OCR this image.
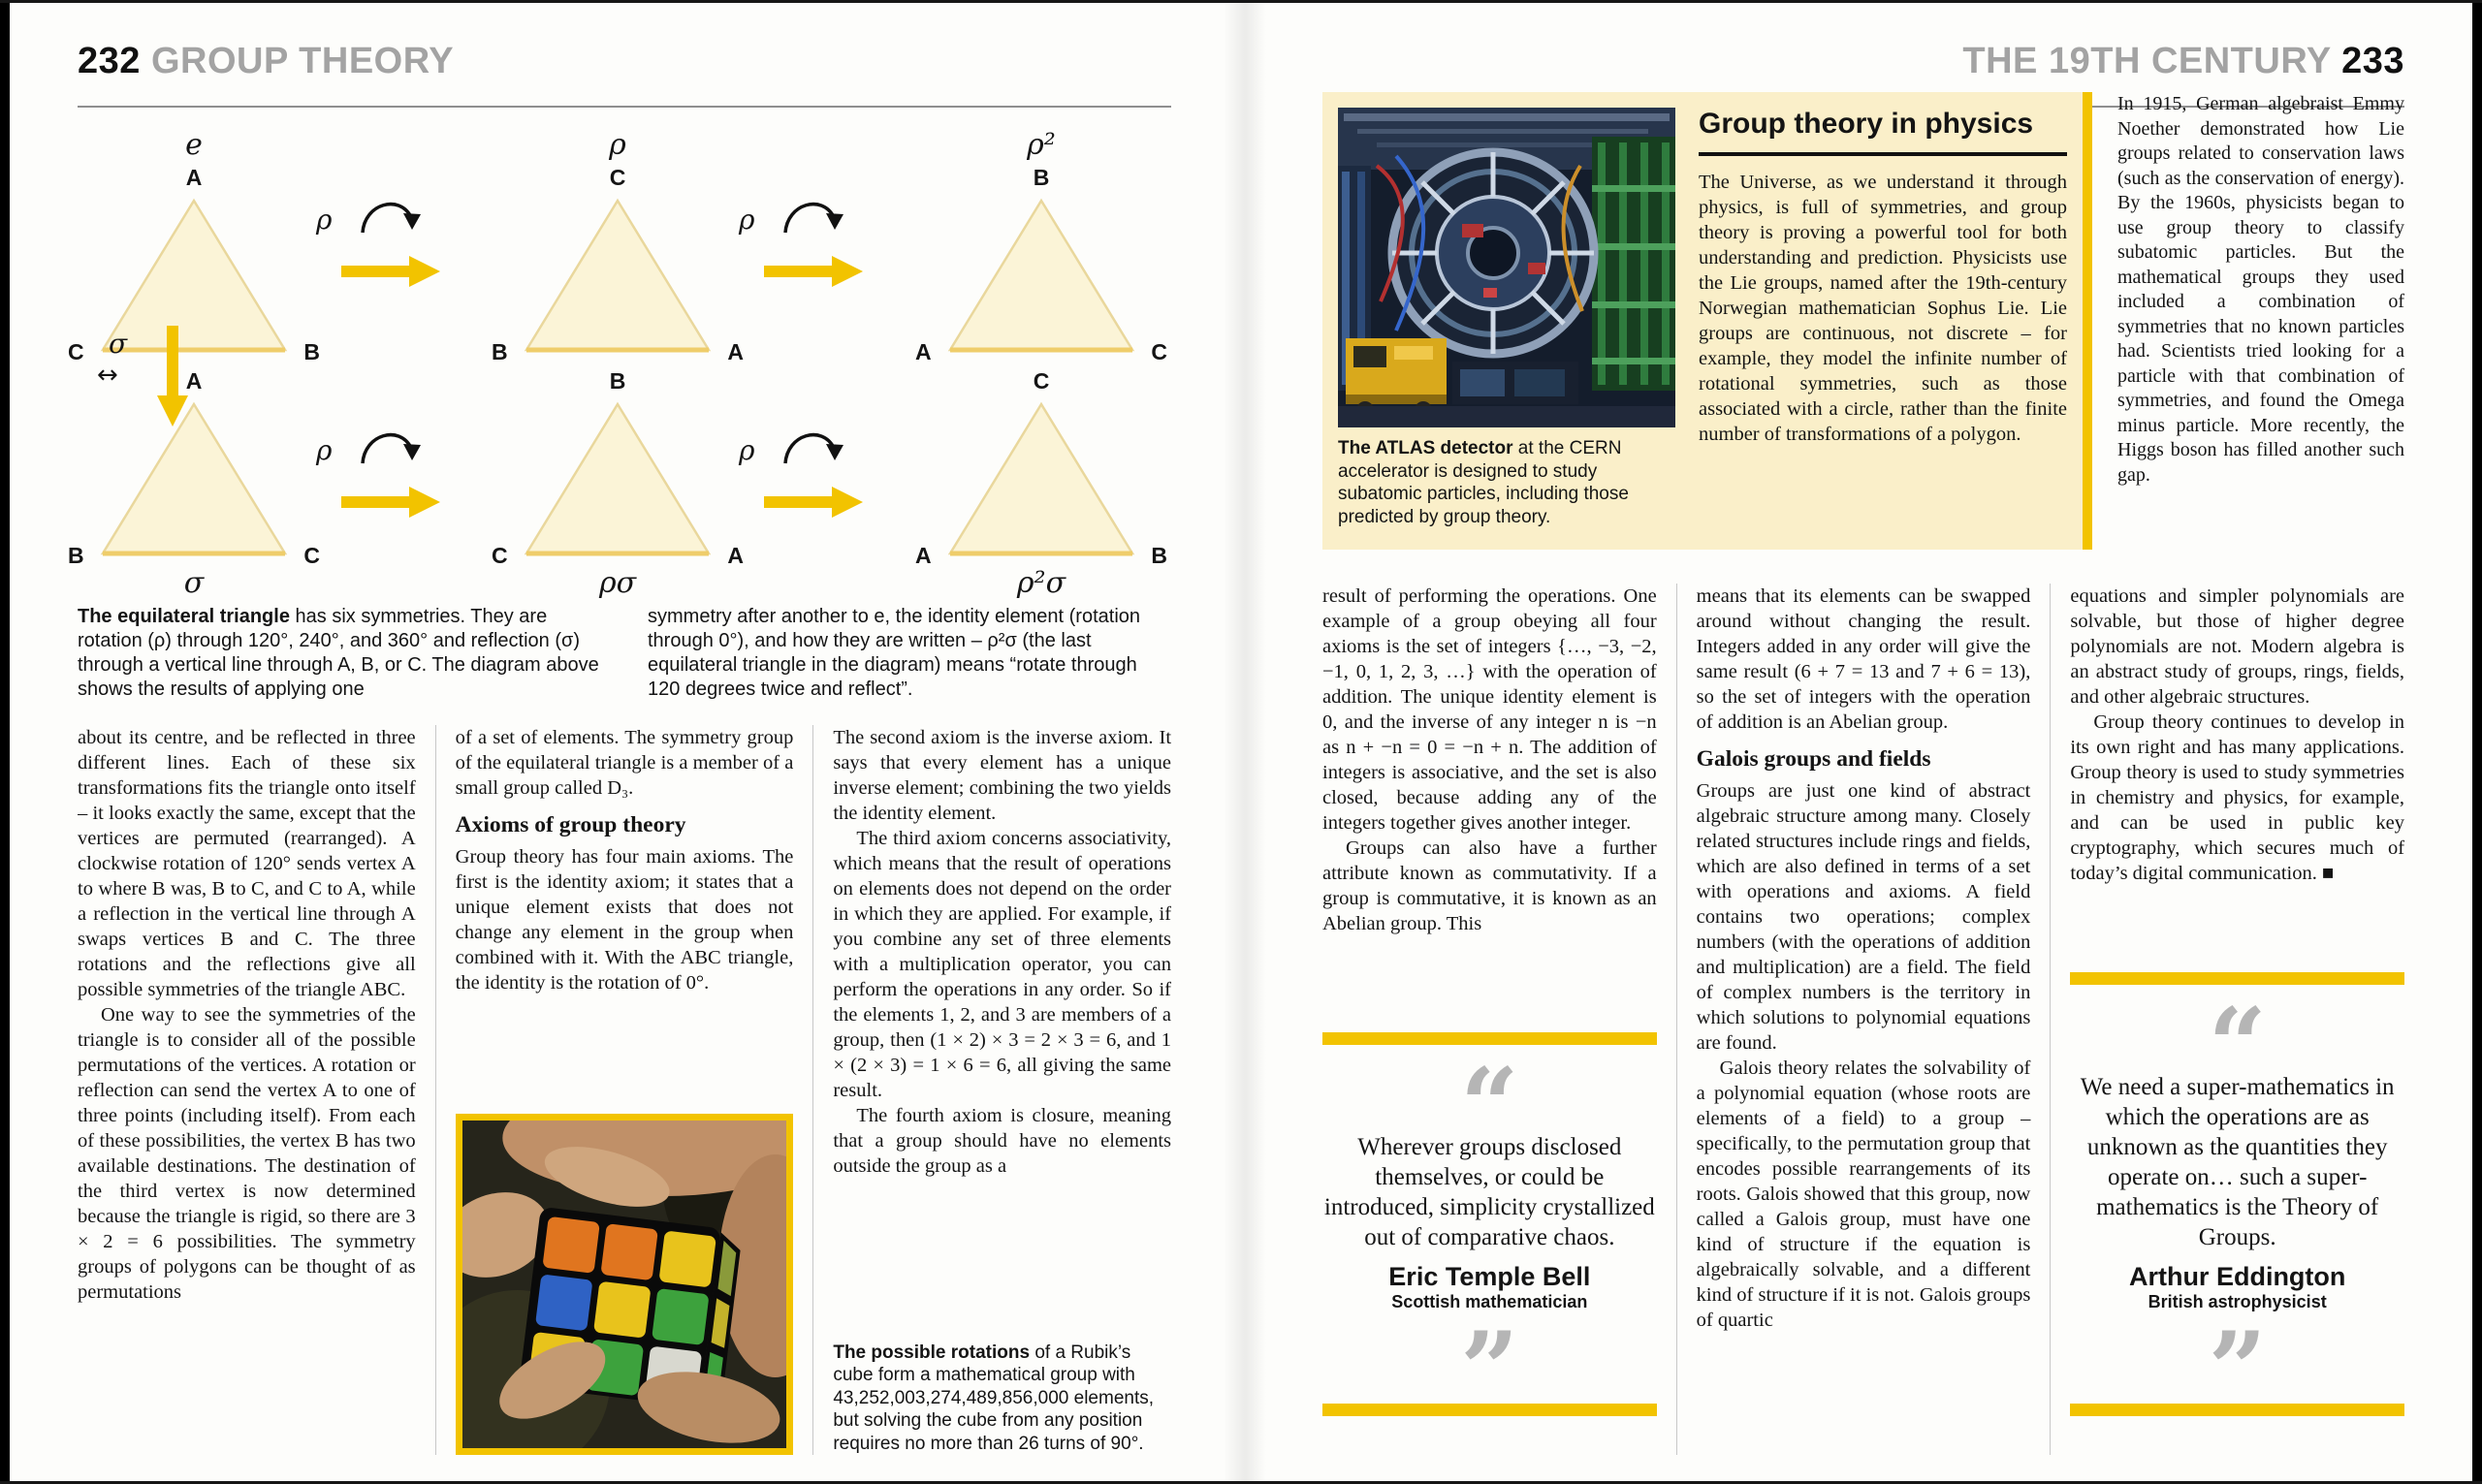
232 GROUP THEORY
e
A
C	B
ρ
C
B	A
ρ²
B
A	C
ρ	ρ
σ
↔	A
B	C
σ
B
C	A
ρσ
C
A	B
ρ²σ
ρ	ρ

The equilateral triangle has six symmetries. They are rotation (ρ) through 120°, 240°, and 360° and reflection (σ) through a vertical line through A, B, or C. The diagram above shows the results of applying one

symmetry after another to e, the identity element (rotation through 0°), and how they are written – ρ²σ (the last equilateral triangle in the diagram) means “rotate through 120 degrees twice and reflect”.

about its centre, and be reflected in three different lines. Each of these six transformations fits the triangle onto itself – it looks exactly the same, except that the vertices are permuted (rearranged). A clockwise rotation of 120° sends vertex A to where B was, B to C, and C to A, while a reflection in the vertical line through A swaps vertices B and C. The three rotations and the reflections give all possible symmetries of the triangle ABC.

One way to see the symmetries of the triangle is to consider all of the possible permutations of the vertices. A rotation or reflection can send the vertex A to one of three points (including itself). From each of these possibilities, the vertex B has two available destinations. The destination of the third vertex is now determined because the triangle is rigid, so there are 3 × 2 = 6 possibilities. The symmetry groups of polygons can be thought of as permutations

of a set of elements. The symmetry group of the equilateral triangle is a member of a small group called D₃.

Axioms of group theory

Group theory has four main axioms. The first is the identity axiom; it states that a unique element exists that does not change any element in the group when combined with it. With the ABC triangle, the identity is the rotation of 0°.

The second axiom is the inverse axiom. It says that every element has a unique inverse element; combining the two yields the identity element.

The third axiom concerns associativity, which means that the result of operations on elements does not depend on the order in which they are applied. For example, if you combine any set of three elements with a multiplication operator, you can perform the operations in any order. So if the elements 1, 2, and 3 are members of a group, then (1 × 2) × 3 = 2 × 3 = 6, and 1 × (2 × 3) = 1 × 6 = 6, all giving the same result.

The fourth axiom is closure, meaning that a group should have no elements outside the group as a

The possible rotations of a Rubik’s cube form a mathematical group with 43,252,003,274,489,856,000 elements, but solving the cube from any position requires no more than 26 turns of 90°.

THE 19TH CENTURY 233

The ATLAS detector at the CERN accelerator is designed to study subatomic particles, including those predicted by group theory.

Group theory in physics

The Universe, as we understand it through physics, is full of symmetries, and group theory is proving a powerful tool for both understanding and prediction. Physicists use the Lie groups, named after the 19th-century Norwegian mathematician Sophus Lie. Lie groups are continuous, not discrete – for example, they model the infinite number of rotational symmetries, such as those associated with a circle, rather than the finite number of transformations of a polygon.

In 1915, German algebraist Emmy Noether demonstrated how Lie groups related to conservation laws (such as the conservation of energy). By the 1960s, physicists began to use group theory to classify subatomic particles. But the mathematical groups they used included a combination of symmetries that no known particles had. Scientists tried looking for a particle with that combination of symmetries, and found the Omega minus particle. More recently, the Higgs boson has filled another such gap.

result of performing the operations. One example of a group obeying all four axioms is the set of integers {…, −3, −2, −1, 0, 1, 2, 3, …} with the operation of addition. The unique identity element is 0, and the inverse of any integer n is −n as n + −n = 0 = −n + n. The addition of integers is associative, and the set is also closed, because adding any of the integers together gives another integer.

Groups can also have a further attribute known as commutativity. If a group is commutative, it is known as an Abelian group. This

“
Wherever groups disclosed themselves, or could be introduced, simplicity crystallized out of comparative chaos.
Eric Temple Bell
Scottish mathematician
”

means that its elements can be swapped around without changing the result. Integers added in any order will give the same result (6 + 7 = 13 and 7 + 6 = 13), so the set of integers with the operation of addition is an Abelian group.

Galois groups and fields

Groups are just one kind of abstract algebraic structure among many. Closely related structures include rings and fields, which are also defined in terms of a set with operations and axioms. A field contains two operations; complex numbers (with the operations of addition and multiplication) are a field. The field of complex numbers is the territory in which solutions to polynomial equations are found.

Galois theory relates the solvability of a polynomial equation (whose roots are elements of a field) to a group – specifically, to the permutation group that encodes possible rearrangements of its roots. Galois showed that this group, now called a Galois group, must have one kind of structure if the equation is algebraically solvable, and a different kind of structure if it is not. Galois groups of quartic

equations and simpler polynomials are solvable, but those of higher degree polynomials are not. Modern algebra is an abstract study of groups, rings, fields, and other algebraic structures.

Group theory continues to develop in its own right and has many applications. Group theory is used to study symmetries in chemistry and physics, for example, and can be used in public key cryptography, which secures much of today’s digital communication. ■

“
We need a super-mathematics in which the operations are as unknown as the quantities they operate on… such a super-mathematics is the Theory of Groups.
Arthur Eddington
British astrophysicist
”
